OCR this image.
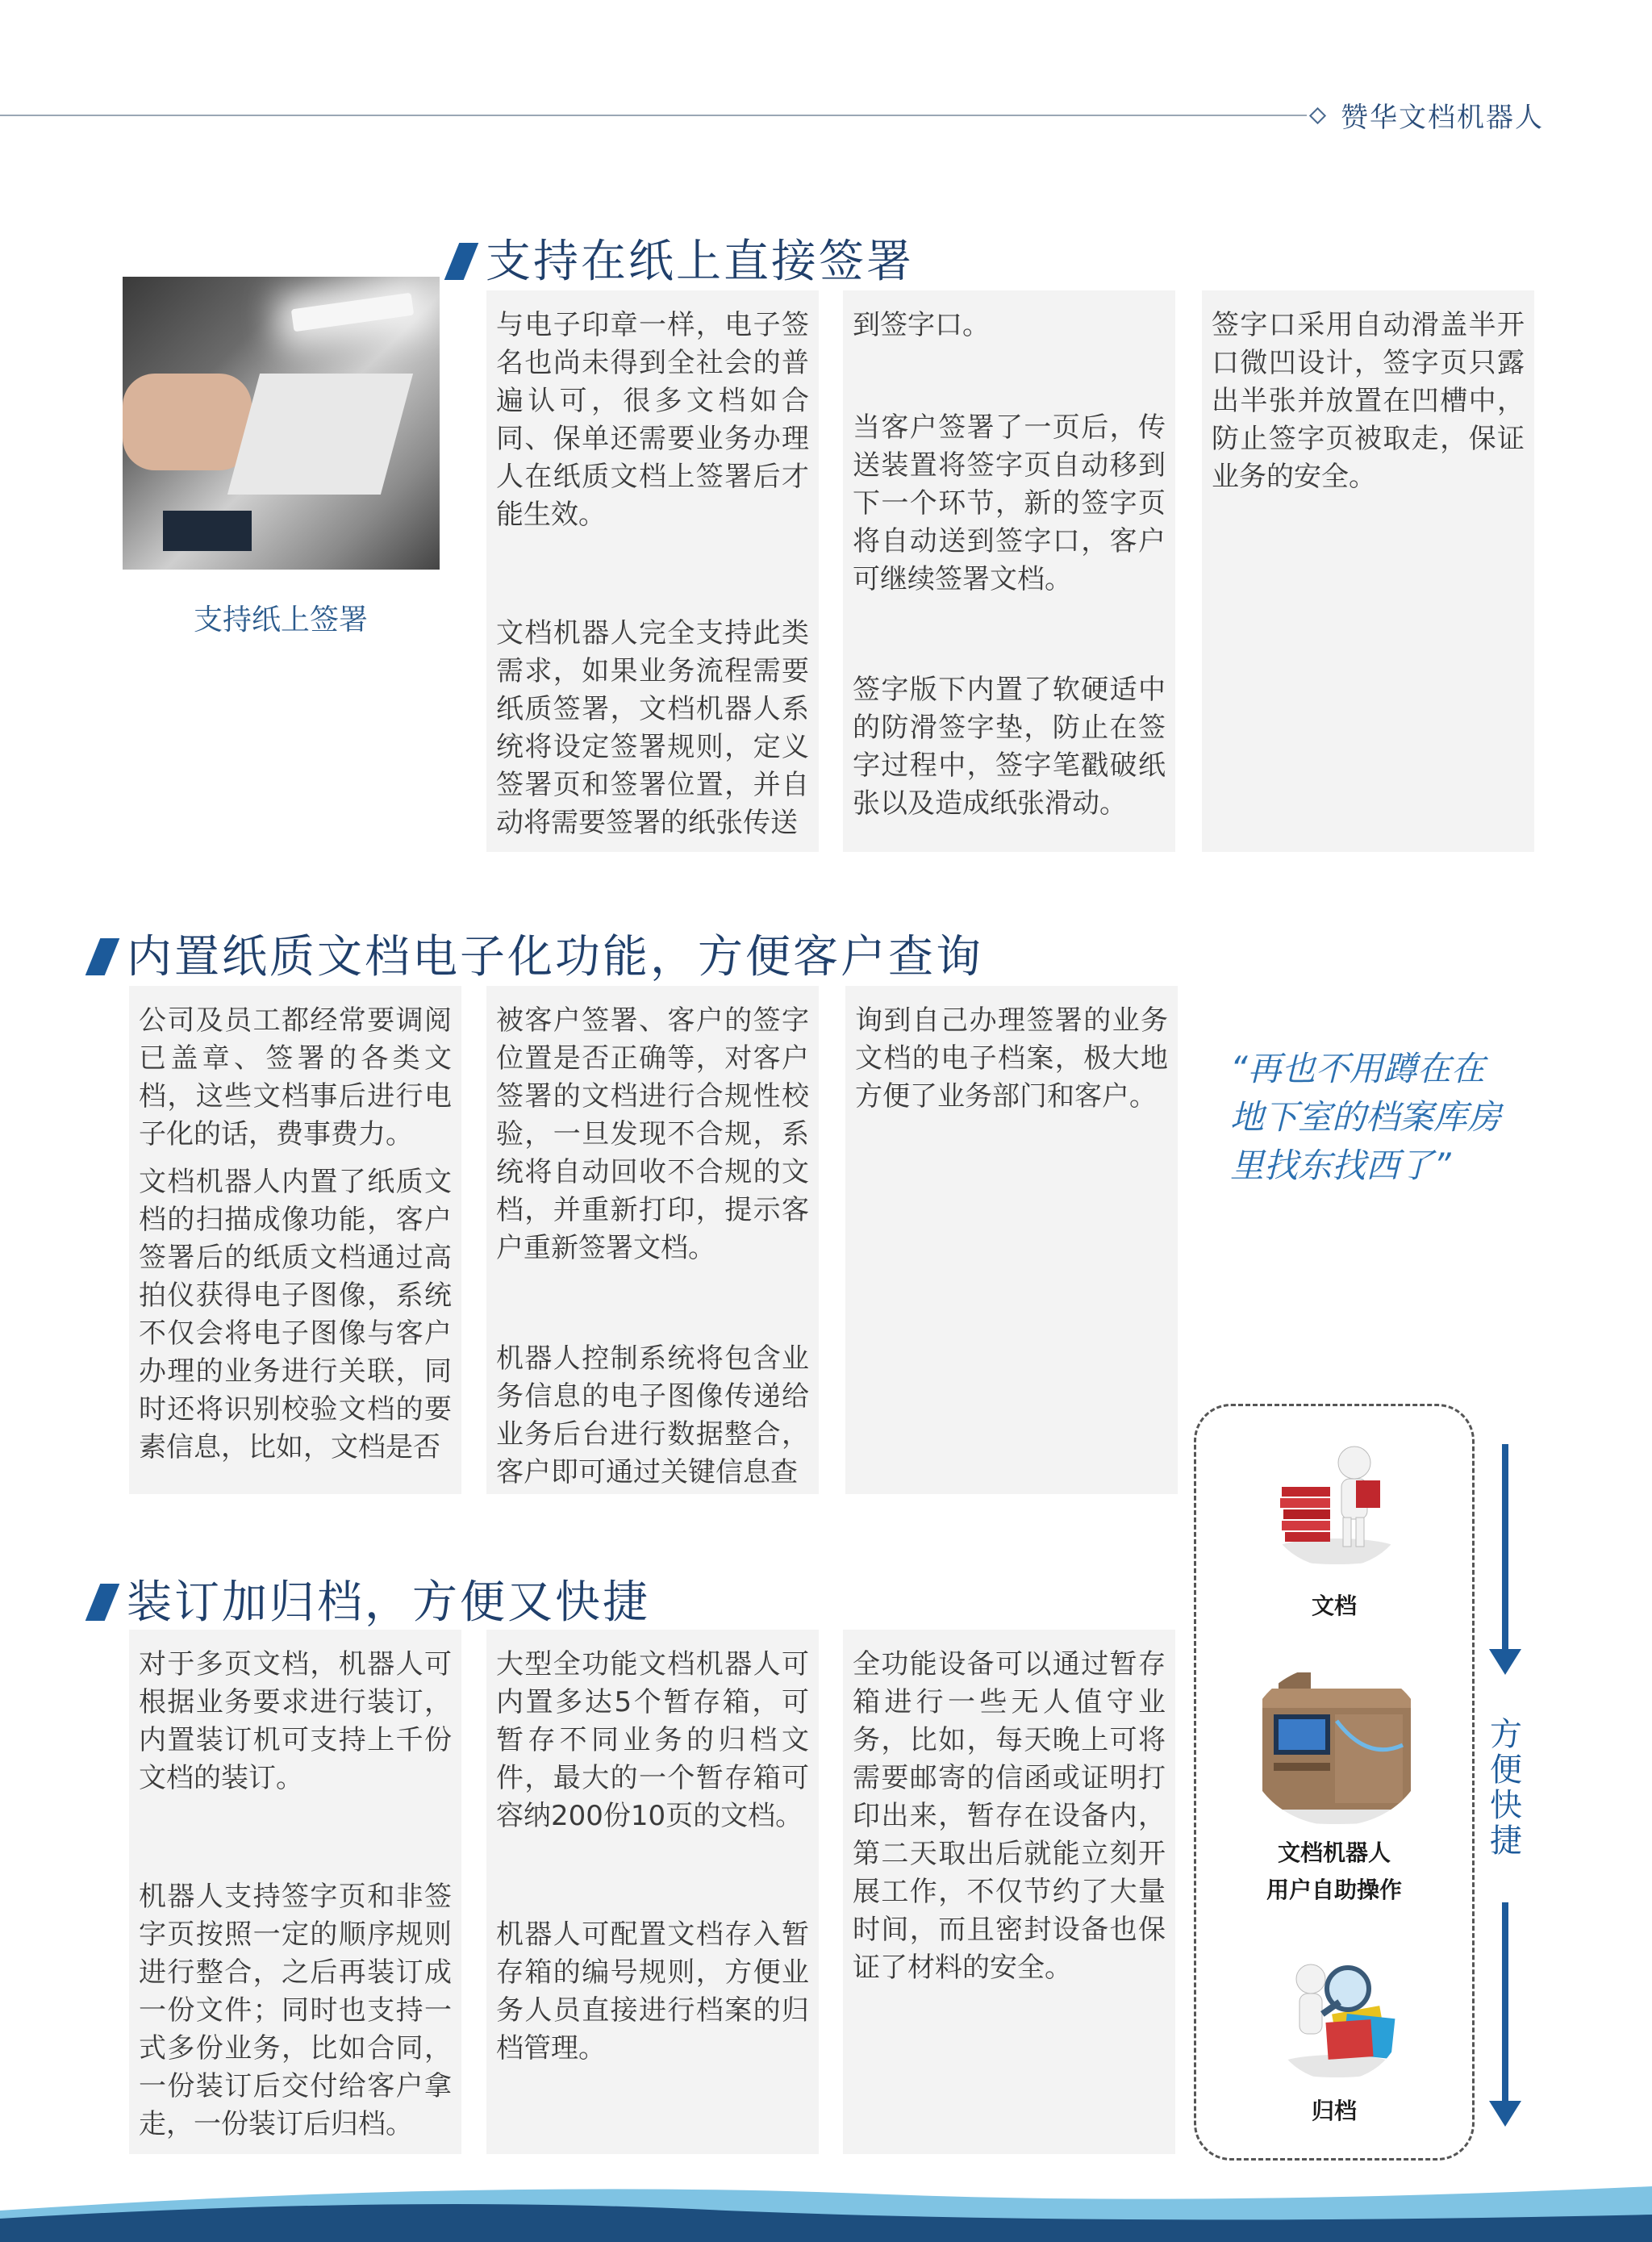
赞华文档机器人
支持在纸上直接签署
支持纸上签署

与电子印章一样，电子签名也尚未得到全社会的普遍认可，很多文档如合同、保单还需要业务办理人在纸质文档上签署后才能生效。

文档机器人完全支持此类需求，如果业务流程需要纸质签署，文档机器人系统将设定签署规则，定义签署页和签署位置，并自动将需要签署的纸张传送

到签字口。

当客户签署了一页后，传送装置将签字页自动移到下一个环节，新的签字页将自动送到签字口，客户可继续签署文档。

签字版下内置了软硬适中的防滑签字垫，防止在签字过程中，签字笔戳破纸张以及造成纸张滑动。

签字口采用自动滑盖半开口微凹设计，签字页只露出半张并放置在凹槽中，防止签字页被取走，保证业务的安全。

内置纸质文档电子化功能，方便客户查询

公司及员工都经常要调阅已盖章、签署的各类文档，这些文档事后进行电子化的话，费事费力。

文档机器人内置了纸质文档的扫描成像功能，客户签署后的纸质文档通过高拍仪获得电子图像，系统不仅会将电子图像与客户办理的业务进行关联，同时还将识别校验文档的要素信息，比如，文档是否

被客户签署、客户的签字位置是否正确等，对客户签署的文档进行合规性校验，一旦发现不合规，系统将自动回收不合规的文档，并重新打印，提示客户重新签署文档。

机器人控制系统将包含业务信息的电子图像传递给业务后台进行数据整合，客户即可通过关键信息查

询到自己办理签署的业务文档的电子档案，极大地方便了业务部门和客户。

“再也不用蹲在在地下室的档案库房里找东找西了”
装订加归档，方便又快捷

对于多页文档，机器人可根据业务要求进行装订，内置装订机可支持上千份文档的装订。

机器人支持签字页和非签字页按照一定的顺序规则进行整合，之后再装订成一份文件；同时也支持一式多份业务，比如合同，一份装订后交付给客户拿走，一份装订后归档。

大型全功能文档机器人可内置多达5个暂存箱，可暂存不同业务的归档文件，最大的一个暂存箱可容纳200份10页的文档。

机器人可配置文档存入暂存箱的编号规则，方便业务人员直接进行档案的归档管理。

全功能设备可以通过暂存箱进行一些无人值守业务，比如，每天晚上可将需要邮寄的信函或证明打印出来，暂存在设备内，第二天取出后就能立刻开展工作，不仅节约了大量时间，而且密封设备也保证了材料的安全。

文档
文档机器人
用户自助操作
归档
方便快捷
